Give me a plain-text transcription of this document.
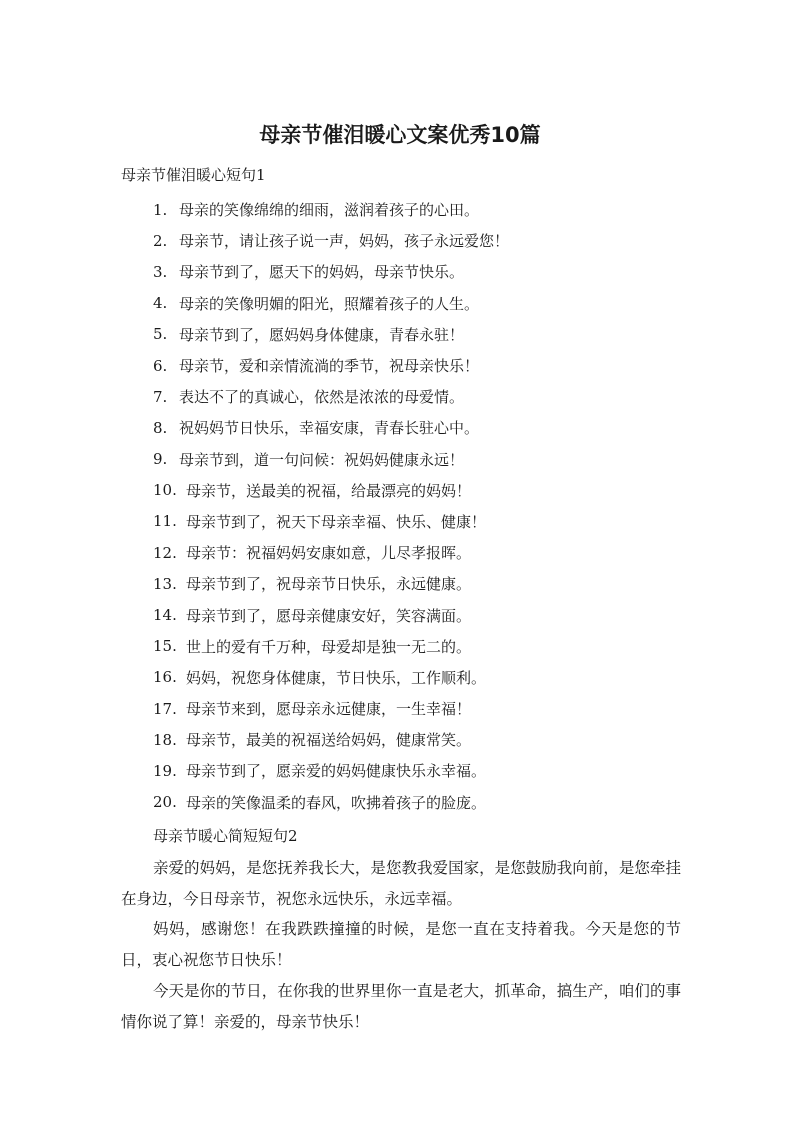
母亲节催泪暖心文案优秀10篇
母亲节催泪暖心短句1
1. 母亲的笑像绵绵的细雨，滋润着孩子的心田。
2. 母亲节，请让孩子说一声，妈妈，孩子永远爱您！
3. 母亲节到了，愿天下的妈妈，母亲节快乐。
4. 母亲的笑像明媚的阳光，照耀着孩子的人生。
5. 母亲节到了，愿妈妈身体健康，青春永驻！
6. 母亲节，爱和亲情流淌的季节，祝母亲快乐！
7. 表达不了的真诚心，依然是浓浓的母爱情。
8. 祝妈妈节日快乐，幸福安康，青春长驻心中。
9. 母亲节到，道一句问候：祝妈妈健康永远！
10. 母亲节，送最美的祝福，给最漂亮的妈妈！
11. 母亲节到了，祝天下母亲幸福、快乐、健康！
12. 母亲节：祝福妈妈安康如意，儿尽孝报晖。
13. 母亲节到了，祝母亲节日快乐，永远健康。
14. 母亲节到了，愿母亲健康安好，笑容满面。
15. 世上的爱有千万种，母爱却是独一无二的。
16. 妈妈，祝您身体健康，节日快乐，工作顺利。
17. 母亲节来到，愿母亲永远健康，一生幸福！
18. 母亲节，最美的祝福送给妈妈，健康常笑。
19. 母亲节到了，愿亲爱的妈妈健康快乐永幸福。
20. 母亲的笑像温柔的春风，吹拂着孩子的脸庞。
母亲节暖心简短短句2

亲爱的妈妈，是您抚养我长大，是您教我爱国家，是您鼓励我向前，是您牵挂在身边，今日母亲节，祝您永远快乐，永远幸福。

妈妈，感谢您！在我跌跌撞撞的时候，是您一直在支持着我。今天是您的节日，衷心祝您节日快乐！

今天是你的节日，在你我的世界里你一直是老大，抓革命，搞生产，咱们的事情你说了算！亲爱的，母亲节快乐！
